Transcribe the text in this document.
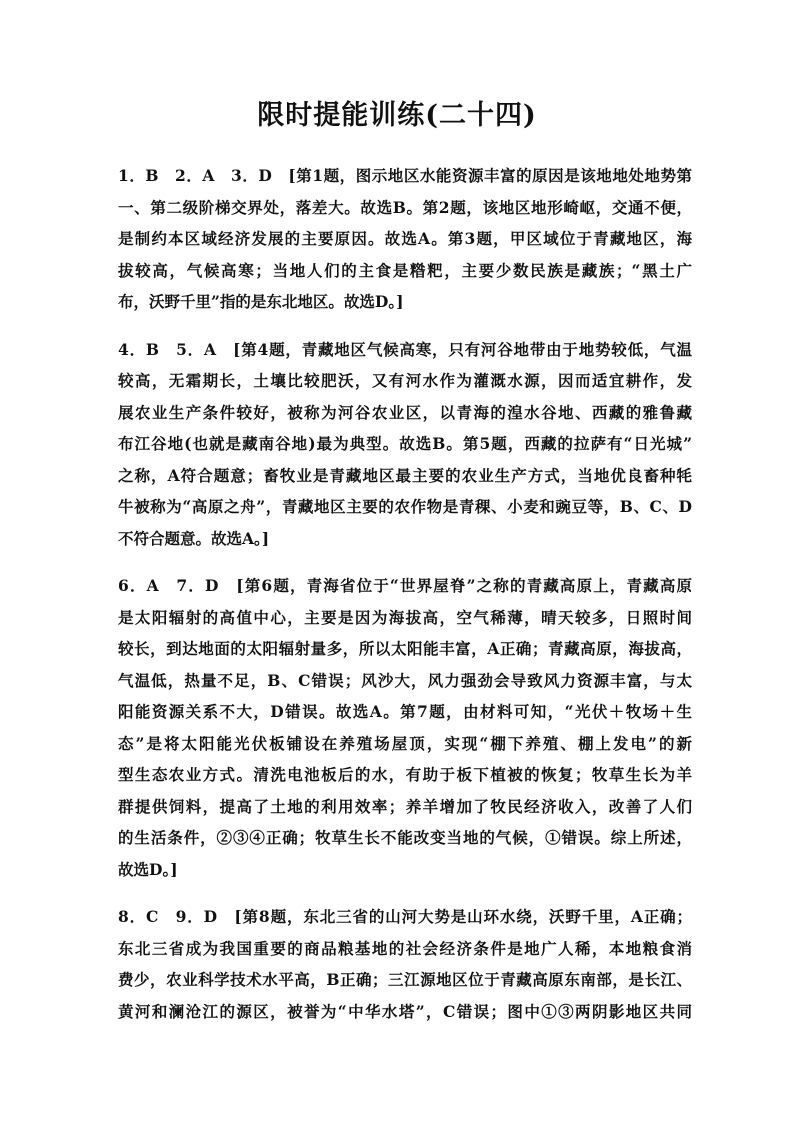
限时提能训练(二十四)

1．B　2．A　3．D　[第1题，图示地区水能资源丰富的原因是该地地处地势第
一、第二级阶梯交界处，落差大。故选B。第2题，该地区地形崎岖，交通不便，
是制约本区域经济发展的主要原因。故选A。第3题，甲区域位于青藏地区，海
拔较高，气候高寒；当地人们的主食是糌粑，主要少数民族是藏族；“黑土广
布，沃野千里”指的是东北地区。故选D。]

4．B　5．A　[第4题，青藏地区气候高寒，只有河谷地带由于地势较低，气温
较高，无霜期长，土壤比较肥沃，又有河水作为灌溉水源，因而适宜耕作，发
展农业生产条件较好，被称为河谷农业区，以青海的湟水谷地、西藏的雅鲁藏
布江谷地(也就是藏南谷地)最为典型。故选B。第5题，西藏的拉萨有“日光城”
之称，A符合题意；畜牧业是青藏地区最主要的农业生产方式，当地优良畜种牦
牛被称为“高原之舟”，青藏地区主要的农作物是青稞、小麦和豌豆等，B、C、D
不符合题意。故选A。]

6．A　7．D　[第6题，青海省位于“世界屋脊”之称的青藏高原上，青藏高原
是太阳辐射的高值中心，主要是因为海拔高，空气稀薄，晴天较多，日照时间
较长，到达地面的太阳辐射量多，所以太阳能丰富，A正确；青藏高原，海拔高，
气温低，热量不足，B、C错误；风沙大，风力强劲会导致风力资源丰富，与太
阳能资源关系不大，D错误。故选A。第7题，由材料可知，“光伏＋牧场＋生
态”是将太阳能光伏板铺设在养殖场屋顶，实现“棚下养殖、棚上发电”的新
型生态农业方式。清洗电池板后的水，有助于板下植被的恢复；牧草生长为羊
群提供饲料，提高了土地的利用效率；养羊增加了牧民经济收入，改善了人们
的生活条件，②③④正确；牧草生长不能改变当地的气候，①错误。综上所述，
故选D。]

8．C　9．D　[第8题，东北三省的山河大势是山环水绕，沃野千里，A正确；
东北三省成为我国重要的商品粮基地的社会经济条件是地广人稀，本地粮食消
费少，农业科学技术水平高，B正确；三江源地区位于青藏高原东南部，是长江、
黄河和澜沧江的源区，被誉为“中华水塔”，C错误；图中①③两阴影地区共同
